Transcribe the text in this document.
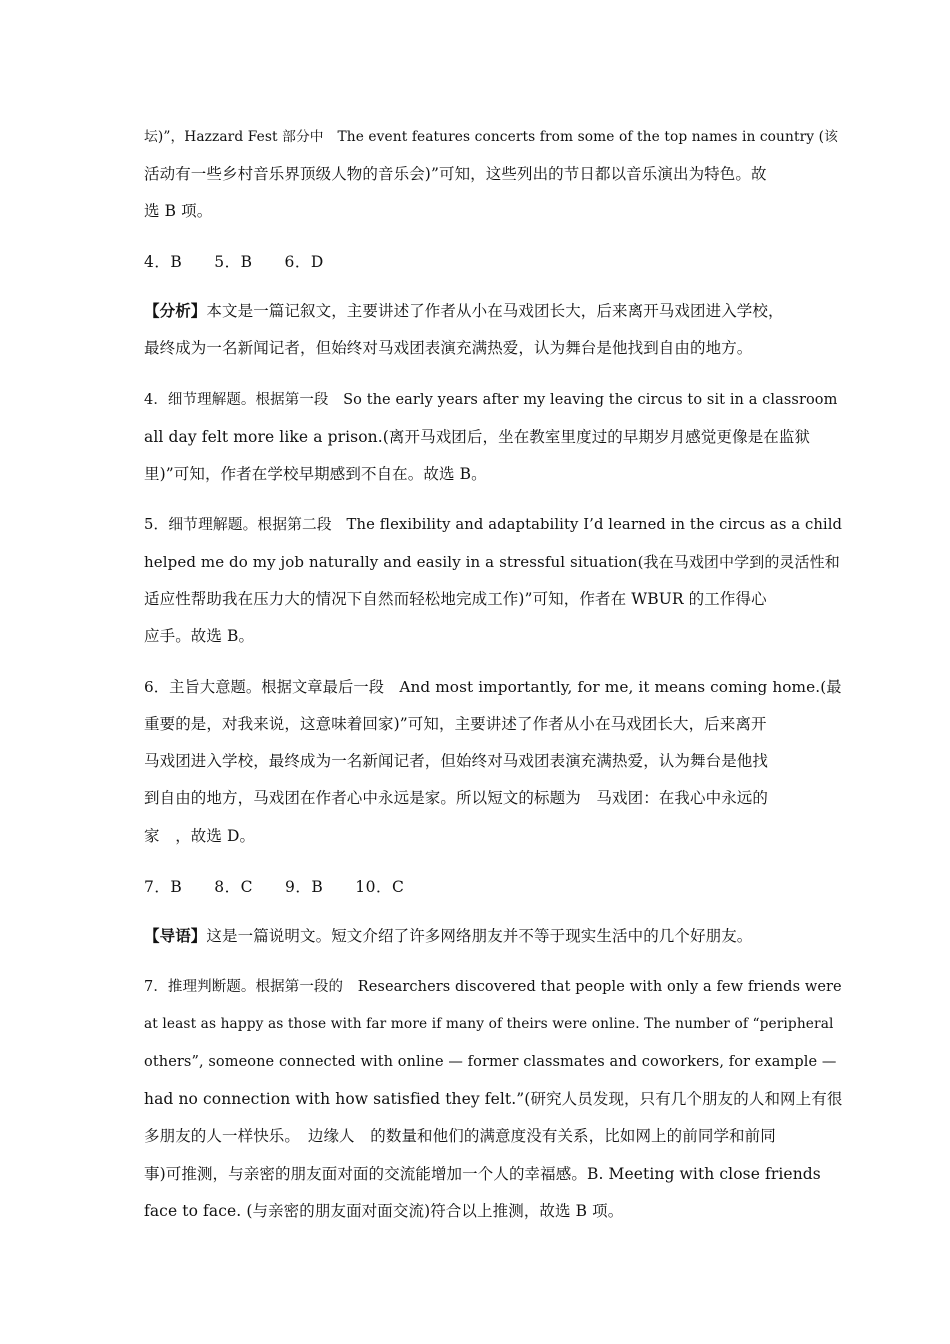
坛)”，Hazzard Fest 部分中　The event features concerts from some of the top names in country (该
活动有一些乡村音乐界顶级人物的音乐会)”可知，这些列出的节日都以音乐演出为特色。故
选 B 项。
4．B　　5．B　　6．D
【分析】本文是一篇记叙文，主要讲述了作者从小在马戏团长大，后来离开马戏团进入学校，
最终成为一名新闻记者，但始终对马戏团表演充满热爱，认为舞台是他找到自由的地方。
4．细节理解题。根据第一段　So the early years after my leaving the circus to sit in a classroom
all day felt more like a prison.(离开马戏团后，坐在教室里度过的早期岁月感觉更像是在监狱
里)”可知，作者在学校早期感到不自在。故选 B。
5．细节理解题。根据第二段　The flexibility and adaptability I’d learned in the circus as a child
helped me do my job naturally and easily in a stressful situation(我在马戏团中学到的灵活性和
适应性帮助我在压力大的情况下自然而轻松地完成工作)”可知，作者在 WBUR 的工作得心
应手。故选 B。
6．主旨大意题。根据文章最后一段　And most importantly, for me, it means coming home.(最
重要的是，对我来说，这意味着回家)”可知，主要讲述了作者从小在马戏团长大，后来离开
马戏团进入学校，最终成为一名新闻记者，但始终对马戏团表演充满热爱，认为舞台是他找
到自由的地方，马戏团在作者心中永远是家。所以短文的标题为　马戏团：在我心中永远的
家　，故选 D。
7．B　　8．C　　9．B　　10．C
【导语】这是一篇说明文。短文介绍了许多网络朋友并不等于现实生活中的几个好朋友。
7．推理判断题。根据第一段的　Researchers discovered that people with only a few friends were
at least as happy as those with far more if many of theirs were online. The number of “peripheral
others”, someone connected with online — former classmates and coworkers, for example —
had no connection with how satisfied they felt.”(研究人员发现，只有几个朋友的人和网上有很
多朋友的人一样快乐。　边缘人　的数量和他们的满意度没有关系，比如网上的前同学和前同
事)可推测，与亲密的朋友面对面的交流能增加一个人的幸福感。B. Meeting with close friends
face to face. (与亲密的朋友面对面交流)符合以上推测，故选 B 项。
